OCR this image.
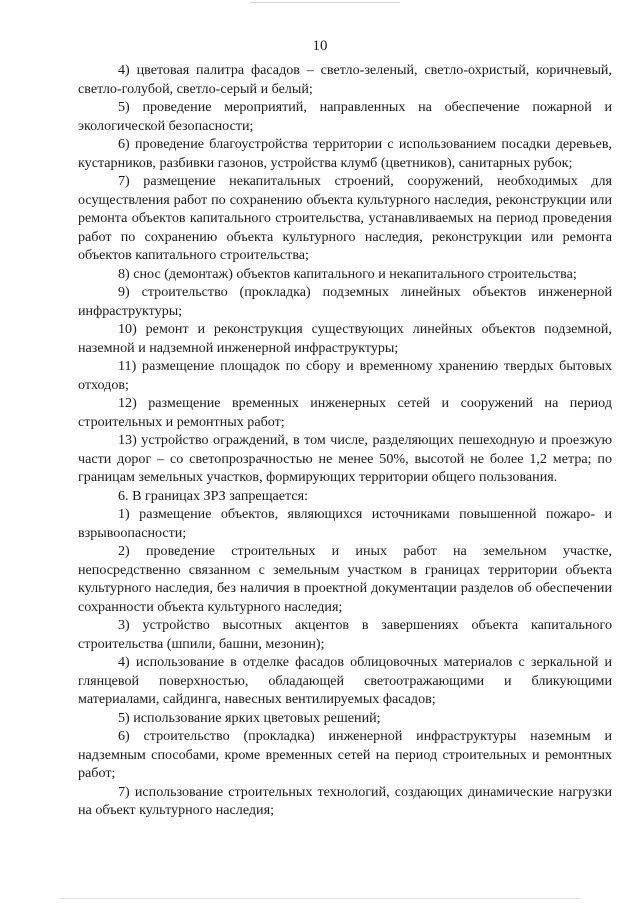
10

4) цветовая палитра фасадов – светло-зеленый, светло-охристый, коричневый, светло-голубой, светло-серый и белый;

5) проведение мероприятий, направленных на обеспечение пожарной и экологической безопасности;

6) проведение благоустройства территории с использованием посадки деревьев, кустарников, разбивки газонов, устройства клумб (цветников), санитарных рубок;

7) размещение некапитальных строений, сооружений, необходимых для осуществления работ по сохранению объекта культурного наследия, реконструкции или ремонта объектов капитального строительства, устанавливаемых на период проведения работ по сохранению объекта культурного наследия, реконструкции или ремонта объектов капитального строительства;

8) снос (демонтаж) объектов капитального и некапитального строительства;

9) строительство (прокладка) подземных линейных объектов инженерной инфраструктуры;

10) ремонт и реконструкция существующих линейных объектов подземной, наземной и надземной инженерной инфраструктуры;

11) размещение площадок по сбору и временному хранению твердых бытовых отходов;

12) размещение временных инженерных сетей и сооружений на период строительных и ремонтных работ;

13) устройство ограждений, в том числе, разделяющих пешеходную и проезжую части дорог – со светопрозрачностью не менее 50%, высотой не более 1,2 метра; по границам земельных участков, формирующих территории общего пользования.

6. В границах ЗРЗ запрещается:

1) размещение объектов, являющихся источниками повышенной пожаро- и взрывоопасности;

2) проведение строительных и иных работ на земельном участке, непосредственно связанном с земельным участком в границах территории объекта культурного наследия, без наличия в проектной документации разделов об обеспечении сохранности объекта культурного наследия;

3) устройство высотных акцентов в завершениях объекта капитального строительства (шпили, башни, мезонин);

4) использование в отделке фасадов облицовочных материалов с зеркальной и глянцевой поверхностью, обладающей светоотражающими и бликующими материалами, сайдинга, навесных вентилируемых фасадов;

5) использование ярких цветовых решений;

6) строительство (прокладка) инженерной инфраструктуры наземным и надземным способами, кроме временных сетей на период строительных и ремонтных работ;

7) использование строительных технологий, создающих динамические нагрузки на объект культурного наследия;
